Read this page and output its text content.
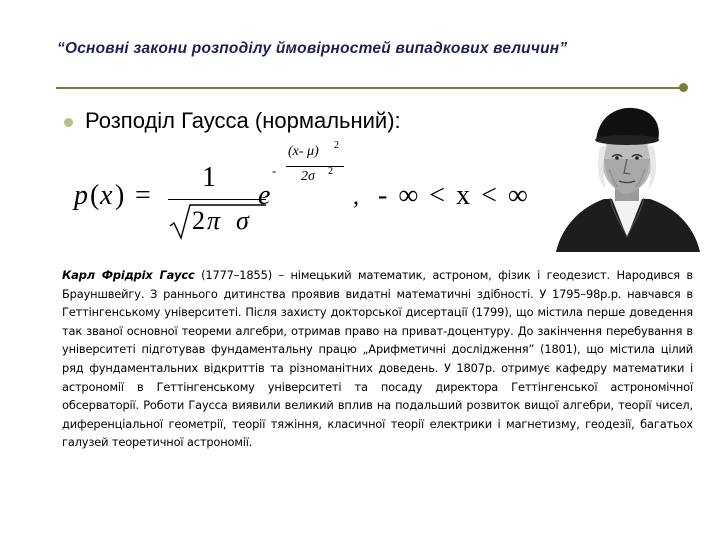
“Основні закони розподілу ймовірностей випадкових величин”
Розподіл Гаусса (нормальний):
p ( x ) =
1
2 π σ
e
-
(x- μ) 2
2σ 2
, - ∞ < x < ∞
Карл Фрідріх Гаусс (1777–1855) – німецький математик, астроном, фізик і геодезист. Народився в Брауншвейгу. З раннього дитинства проявив видатні математичні здібності. У 1795–98р.р. навчався в Геттінгенському університеті. Після захисту докторської дисертації (1799), що містила перше доведення так званої основної теореми алгебри, отримав право на приват-доцентуру. До закінчення перебування в університеті підготував фундаментальну працю „Арифметичні дослідження” (1801), що містила цілий ряд фундаментальних відкриттів та різноманітних доведень. У 1807р. отримує кафедру математики і астрономії в Геттінгенському університеті та посаду директора Геттінгенської астрономічної обсерваторії. Роботи Гаусса виявили великий вплив на подальший розвиток вищої алгебри, теорії чисел, диференціальної геометрії, теорії тяжіння, класичної теорії електрики і магнетизму, геодезії, багатьох галузей теоретичної астрономії.
